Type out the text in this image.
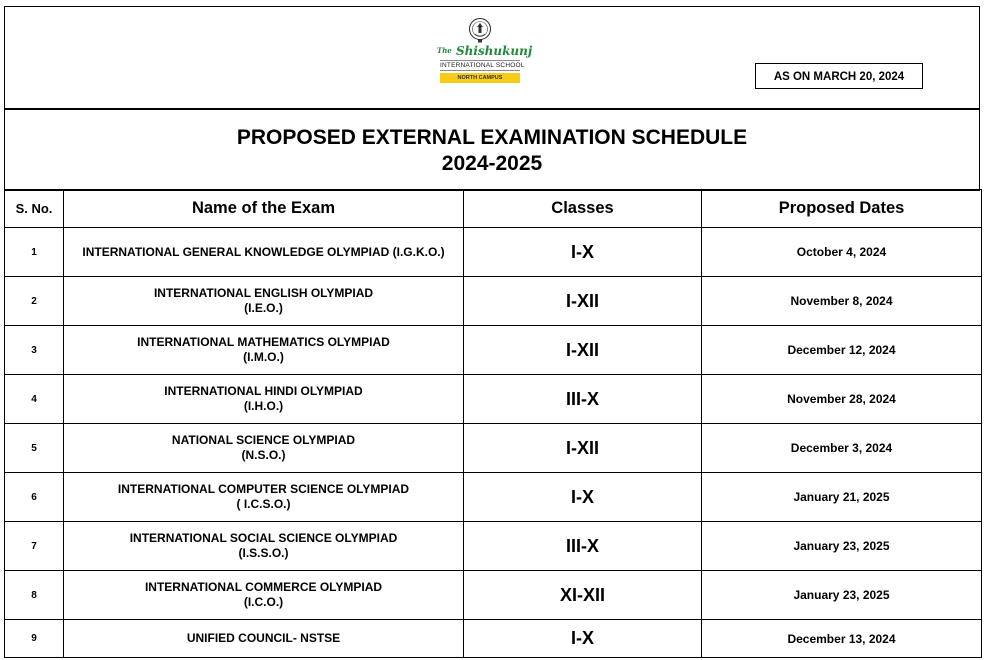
$^{The}$ Shishukunj
INTERNATIONAL SCHOOL
NORTH CAMPUS	AS ON MARCH 20, 2024
PROPOSED EXTERNAL EXAMINATION SCHEDULE
2024-2025
S. No.	Name of the Exam	Classes	Proposed Dates
1	INTERNATIONAL GENERAL KNOWLEDGE OLYMPIAD (I.G.K.O.)	I-X	October 4, 2024
2	INTERNATIONAL ENGLISH OLYMPIAD
(I.E.O.)	I-XII	November 8, 2024
3	INTERNATIONAL MATHEMATICS OLYMPIAD
(I.M.O.)	I-XII	December 12, 2024
4	INTERNATIONAL HINDI OLYMPIAD
(I.H.O.)	III-X	November 28, 2024
5	NATIONAL SCIENCE OLYMPIAD
(N.S.O.)	I-XII	December 3, 2024
6	INTERNATIONAL COMPUTER SCIENCE OLYMPIAD
( I.C.S.O.)	I-X	January 21, 2025
7	INTERNATIONAL SOCIAL SCIENCE OLYMPIAD
(I.S.S.O.)	III-X	January 23, 2025
8	INTERNATIONAL COMMERCE OLYMPIAD
(I.C.O.)	XI-XII	January 23, 2025
9	UNIFIED COUNCIL- NSTSE	I-X	December 13, 2024
